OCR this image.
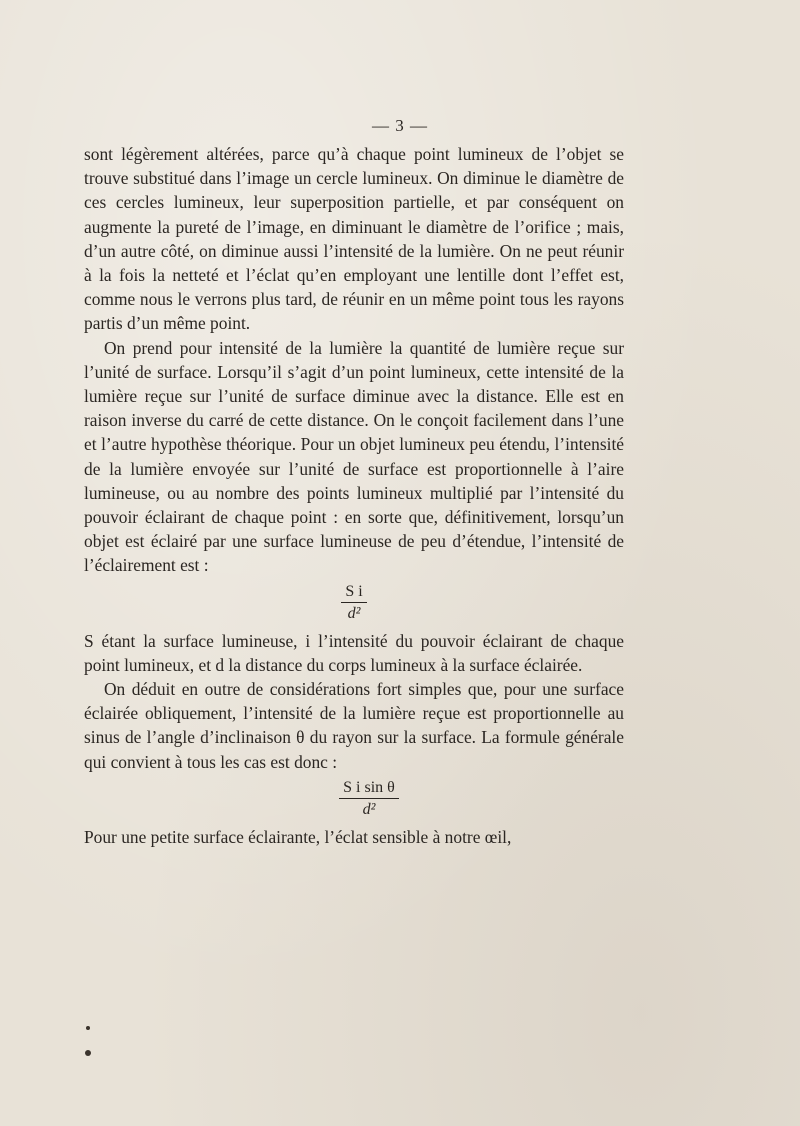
— 3 —

sont légèrement altérées, parce qu’à chaque point lumineux de l’objet se trouve substitué dans l’image un cercle lumineux. On diminue le diamètre de ces cercles lumineux, leur superposition partielle, et par conséquent on augmente la pureté de l’image, en diminuant le diamètre de l’orifice ; mais, d’un autre côté, on diminue aussi l’intensité de la lumière. On ne peut réunir à la fois la netteté et l’éclat qu’en employant une lentille dont l’effet est, comme nous le verrons plus tard, de réunir en un même point tous les rayons partis d’un même point.

On prend pour intensité de la lumière la quantité de lumière reçue sur l’unité de surface. Lorsqu’il s’agit d’un point lumineux, cette intensité de la lumière reçue sur l’unité de surface diminue avec la distance. Elle est en raison inverse du carré de cette distance. On le conçoit facilement dans l’une et l’autre hypothèse théorique. Pour un objet lumineux peu étendu, l’intensité de la lumière envoyée sur l’unité de surface est proportionnelle à l’aire lumineuse, ou au nombre des points lumineux multiplié par l’intensité du pouvoir éclairant de chaque point : en sorte que, définitivement, lorsqu’un objet est éclairé par une surface lumineuse de peu d’étendue, l’intensité de l’éclairement est :

$\frac{\text{S i}}{\text{d²}}$

S étant la surface lumineuse, i l’intensité du pouvoir éclairant de chaque point lumineux, et d la distance du corps lumineux à la surface éclairée.

On déduit en outre de considérations fort simples que, pour une surface éclairée obliquement, l’intensité de la lumière reçue est proportionnelle au sinus de l’angle d’inclinaison θ du rayon sur la surface. La formule générale qui convient à tous les cas est donc :

$\frac{\text{S i sin θ}}{\text{d²}}$

Pour une petite surface éclairante, l’éclat sensible à notre œil,
